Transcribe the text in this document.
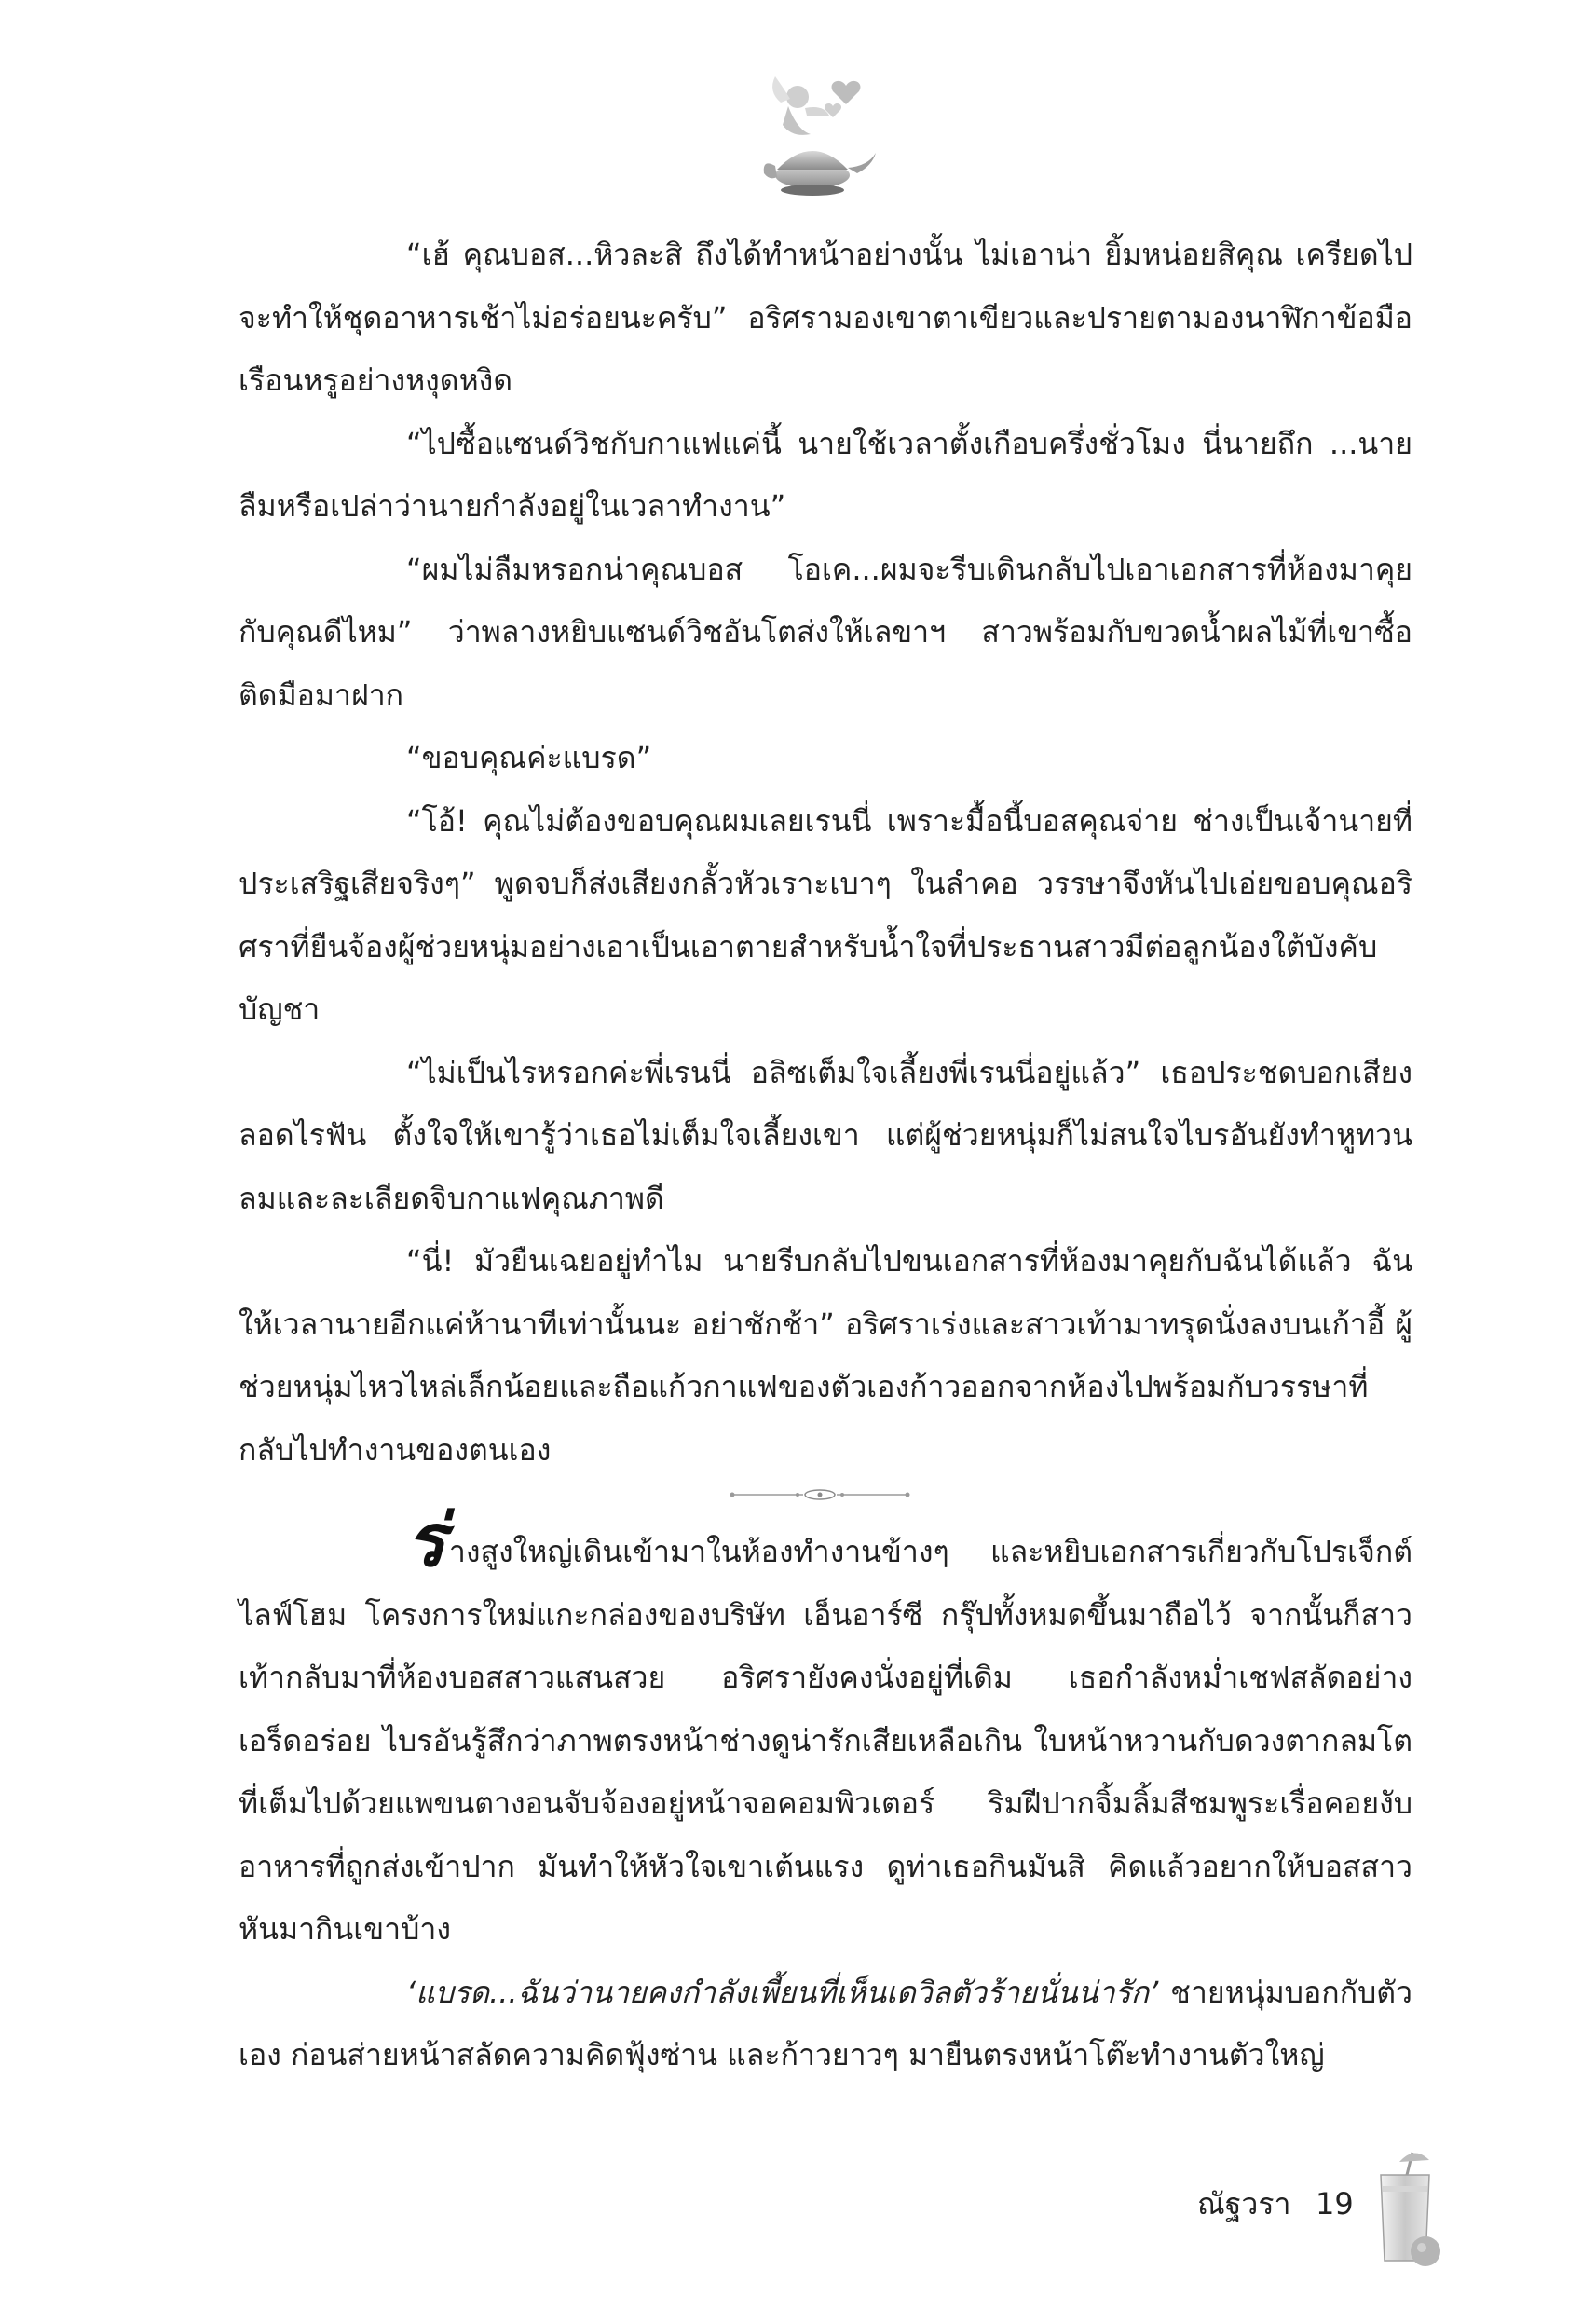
“เฮ้ คุณบอส...หิวละสิ ถึงได้ทำหน้าอย่างนั้น ไม่เอาน่า ยิ้มหน่อยสิคุณ เครียดไปจะทำให้ชุดอาหารเช้าไม่อร่อยนะครับ” อริศรามองเขาตาเขียวและปรายตามองนาฬิกาข้อมือเรือนหรูอย่างหงุดหงิด

“ไปซื้อแซนด์วิชกับกาแฟแค่นี้ นายใช้เวลาตั้งเกือบครึ่งชั่วโมง นี่นายถึก ...นายลืมหรือเปล่าว่านายกำลังอยู่ในเวลาทำงาน”

“ผมไม่ลืมหรอกน่าคุณบอส โอเค...ผมจะรีบเดินกลับไปเอาเอกสารที่ห้องมาคุยกับคุณดีไหม” ว่าพลางหยิบแซนด์วิชอันโตส่งให้เลขาฯ สาวพร้อมกับขวดน้ำผลไม้ที่เขาซื้อติดมือมาฝาก

“ขอบคุณค่ะแบรด”

“โอ้! คุณไม่ต้องขอบคุณผมเลยเรนนี่ เพราะมื้อนี้บอสคุณจ่าย ช่างเป็นเจ้านายที่ประเสริฐเสียจริงๆ” พูดจบก็ส่งเสียงกลั้วหัวเราะเบาๆ ในลำคอ วรรษาจึงหันไปเอ่ยขอบคุณอริศราที่ยืนจ้องผู้ช่วยหนุ่มอย่างเอาเป็นเอาตายสำหรับน้ำใจที่ประธานสาวมีต่อลูกน้องใต้บังคับบัญชา

“ไม่เป็นไรหรอกค่ะพี่เรนนี่ อลิซเต็มใจเลี้ยงพี่เรนนี่อยู่แล้ว” เธอประชดบอกเสียงลอดไรฟัน ตั้งใจให้เขารู้ว่าเธอไม่เต็มใจเลี้ยงเขา แต่ผู้ช่วยหนุ่มก็ไม่สนใจไบรอันยังทำหูทวนลมและละเลียดจิบกาแฟคุณภาพดี

“นี่! มัวยืนเฉยอยู่ทำไม นายรีบกลับไปขนเอกสารที่ห้องมาคุยกับฉันได้แล้ว ฉันให้เวลานายอีกแค่ห้านาทีเท่านั้นนะ อย่าชักช้า” อริศราเร่งและสาวเท้ามาทรุดนั่งลงบนเก้าอี้ ผู้ช่วยหนุ่มไหวไหล่เล็กน้อยและถือแก้วกาแฟของตัวเองก้าวออกจากห้องไปพร้อมกับวรรษาที่กลับไปทำงานของตนเอง

ร่างสูงใหญ่เดินเข้ามาในห้องทำงานข้างๆ และหยิบเอกสารเกี่ยวกับโปรเจ็กต์ไลฟ์โฮม โครงการใหม่แกะกล่องของบริษัท เอ็นอาร์ซี กรุ๊ปทั้งหมดขึ้นมาถือไว้ จากนั้นก็สาวเท้ากลับมาที่ห้องบอสสาวแสนสวย อริศรายังคงนั่งอยู่ที่เดิม เธอกำลังหม่ำเชฟสลัดอย่างเอร็ดอร่อย ไบรอันรู้สึกว่าภาพตรงหน้าช่างดูน่ารักเสียเหลือเกิน ใบหน้าหวานกับดวงตากลมโตที่เต็มไปด้วยแพขนตางอนจับจ้องอยู่หน้าจอคอมพิวเตอร์ ริมฝีปากจิ้มลิ้มสีชมพูระเรื่อคอยงับอาหารที่ถูกส่งเข้าปาก มันทำให้หัวใจเขาเต้นแรง ดูท่าเธอกินมันสิ คิดแล้วอยากให้บอสสาวหันมากินเขาบ้าง

‘แบรด...ฉันว่านายคงกำลังเพี้ยนที่เห็นเดวิลตัวร้ายนั่นน่ารัก’ ชายหนุ่มบอกกับตัวเอง ก่อนส่ายหน้าสลัดความคิดฟุ้งซ่าน และก้าวยาวๆ มายืนตรงหน้าโต๊ะทำงานตัวใหญ่

ณัฐวรา 19
